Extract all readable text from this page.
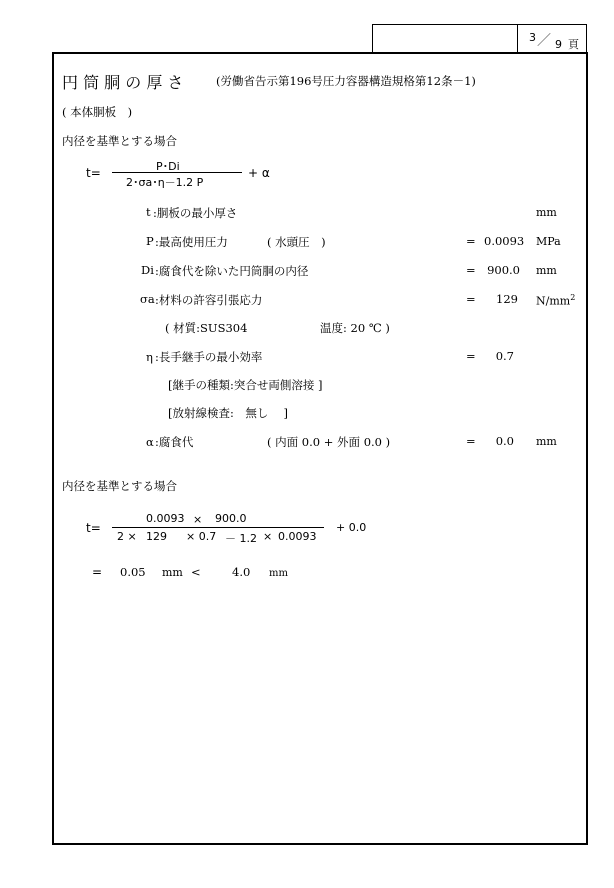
3 ／ 9 頁
円 筒 胴 の 厚 さ	(労働省告示第196号圧力容器構造規格第12条－1)
( 本体胴板　)
内径を基準とする場合
t=	P･Di
2･σa･η－1.2 P
+ α
t :胴板の最小厚さ	mm
P :最高使用圧力	( 水頭圧　)	= 0.0093 MPa
Di :腐食代を除いた円筒胴の内径	= 900.0 mm
σa :材料の許容引張応力	=	129 $N/mm^2$
( 材質:SUS304	温度: 20 ℃ )
η :長手継手の最小効率	=	0.7
[継手の種類:突合せ両側溶接 ]
[放射線検査:　無し　 ]
α :腐食代	( 内面 0.0 + 外面 0.0 )	=	0.0 mm
内径を基準とする場合
t=
0.0093 × 900.0
2 × 129 × 0.7 － 1.2 × 0.0093
+ 0.0
= 0.05 mm <	4.0 mm
